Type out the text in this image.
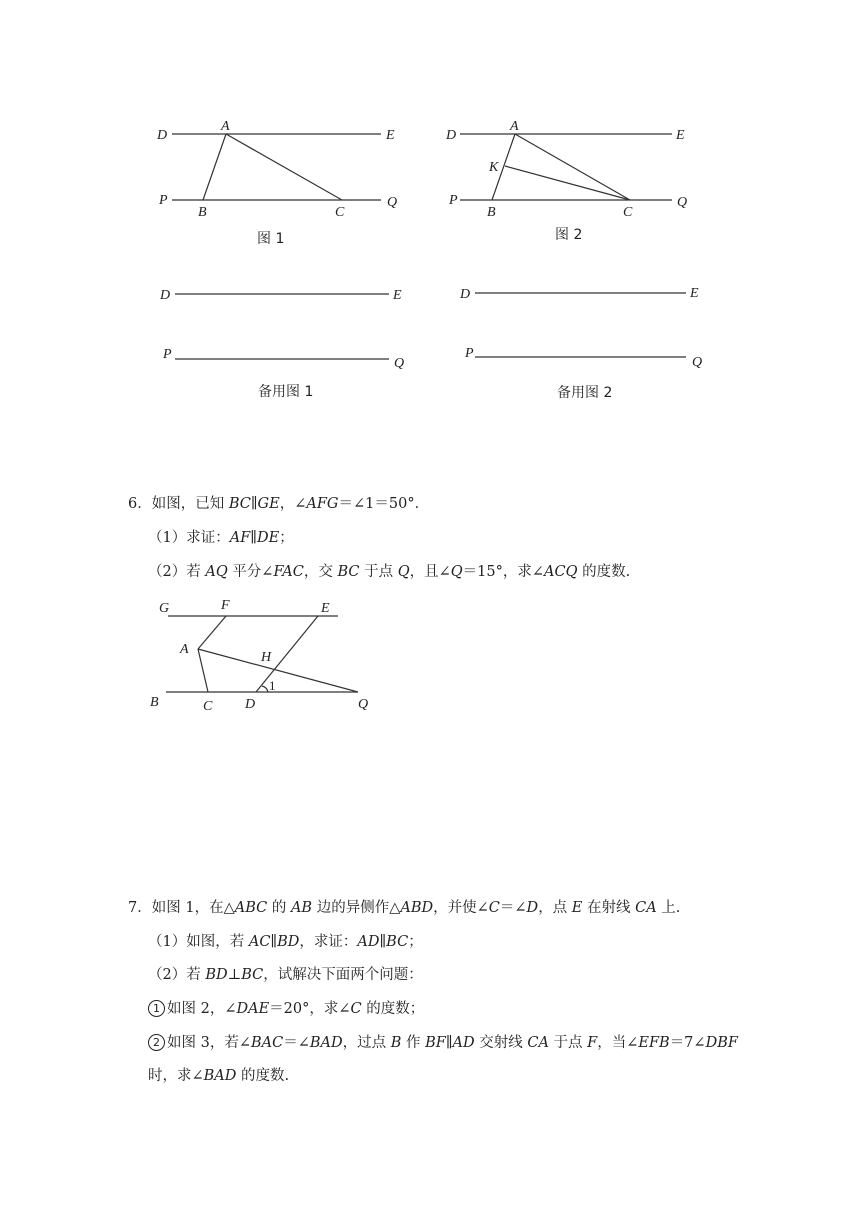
D
A
E
P
B	C
Q
图 1
D
A
E
K
P
B	C
Q
图 2
D	E
P
Q
备用图 1
D	E
P
Q
备用图 2
6．如图，已知 BC∥GE，∠AFG＝∠1＝50°．
（1）求证：AF∥DE；
（2）若 AQ 平分∠FAC，交 BC 于点 Q，且∠Q＝15°，求∠ACQ 的度数.
G	F	E
A
H
1
B	C D	Q
7．如图 1，在△ABC 的 AB 边的异侧作△ABD，并使∠C＝∠D，点 E 在射线 CA 上.
（1）如图，若 AC∥BD，求证：AD∥BC；
（2）若 BD⊥BC，试解决下面两个问题：
1 如图 2，∠DAE＝20°，求∠C 的度数；
2 如图 3，若∠BAC＝∠BAD，过点 B 作 BF∥AD 交射线 CA 于点 F，当∠EFB＝7∠DBF
时，求∠BAD 的度数.
